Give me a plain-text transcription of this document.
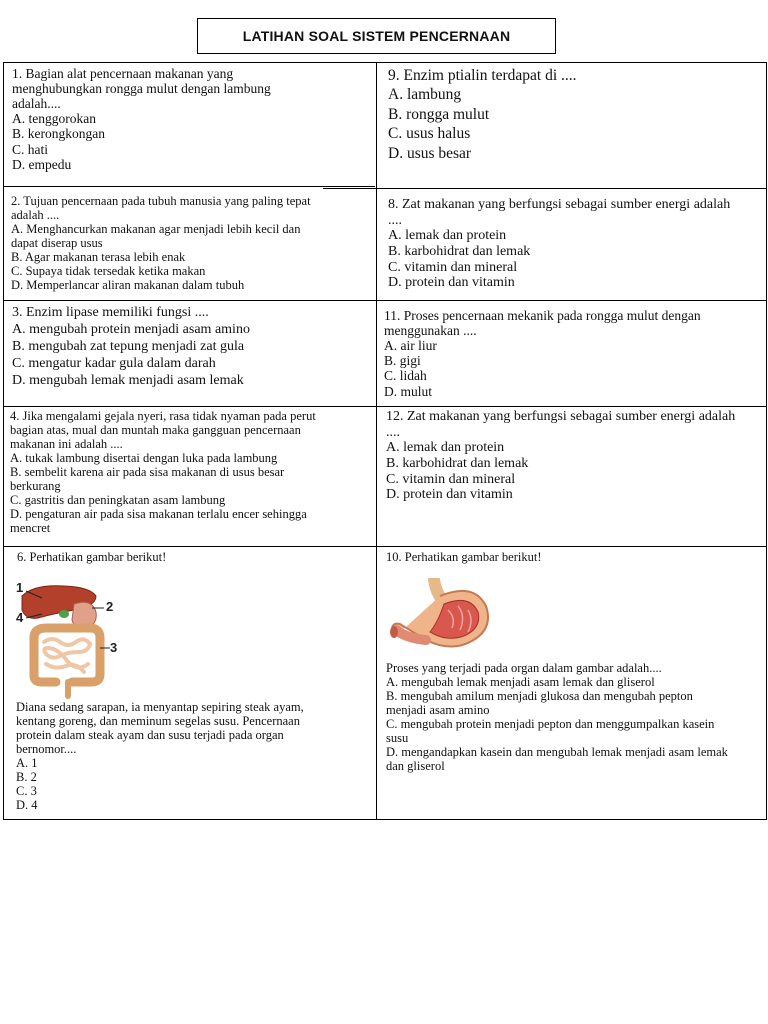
LATIHAN SOAL SISTEM PENCERNAAN

1. Bagian alat pencernaan makanan yang menghubungkan rongga mulut dengan lambung adalah....

A. tenggorokan

B. kerongkongan

C. hati

D. empedu

9. Enzim ptialin terdapat di ....

A. lambung

B. rongga mulut

C. usus halus

D. usus besar

2. Tujuan pencernaan pada tubuh manusia yang paling tepat adalah ....

A. Menghancurkan makanan agar menjadi lebih kecil dan dapat diserap usus

B. Agar makanan terasa lebih enak

C. Supaya tidak tersedak ketika makan

D. Memperlancar aliran makanan dalam tubuh

8. Zat makanan yang berfungsi sebagai sumber energi adalah ....

A. lemak dan protein

B. karbohidrat dan lemak

C. vitamin dan mineral

D. protein dan vitamin

3. Enzim lipase memiliki fungsi ....

A. mengubah protein menjadi asam amino

B. mengubah zat tepung menjadi zat gula

C. mengatur kadar gula dalam darah

D. mengubah lemak menjadi asam lemak

11. Proses pencernaan mekanik pada rongga mulut dengan menggunakan ....

A. air liur

B. gigi

C. lidah

D. mulut

4. Jika mengalami gejala nyeri, rasa tidak nyaman pada perut bagian atas, mual dan muntah maka gangguan pencernaan makanan ini adalah ....

A. tukak lambung disertai dengan luka pada lambung

B. sembelit karena air pada sisa makanan di usus besar berkurang

C. gastritis dan peningkatan asam lambung

D. pengaturan air pada sisa makanan terlalu encer sehingga mencret

12. Zat makanan yang berfungsi sebagai sumber energi adalah ....

A. lemak dan protein

B. karbohidrat dan lemak

C. vitamin dan mineral

D. protein dan vitamin

6. Perhatikan gambar berikut!

1
4
2
3

Diana sedang sarapan, ia menyantap sepiring steak ayam, kentang goreng, dan meminum segelas susu. Pencernaan protein dalam steak ayam dan susu terjadi pada organ bernomor....

A. 1

B. 2

C. 3

D. 4

10. Perhatikan gambar berikut!

Proses yang terjadi pada organ dalam gambar adalah....

A. mengubah lemak menjadi asam lemak dan gliserol

B. mengubah amilum menjadi glukosa dan mengubah pepton menjadi asam amino

C. mengubah protein menjadi pepton dan menggumpalkan kasein susu

D. mengandapkan kasein dan mengubah lemak menjadi asam lemak dan gliserol
